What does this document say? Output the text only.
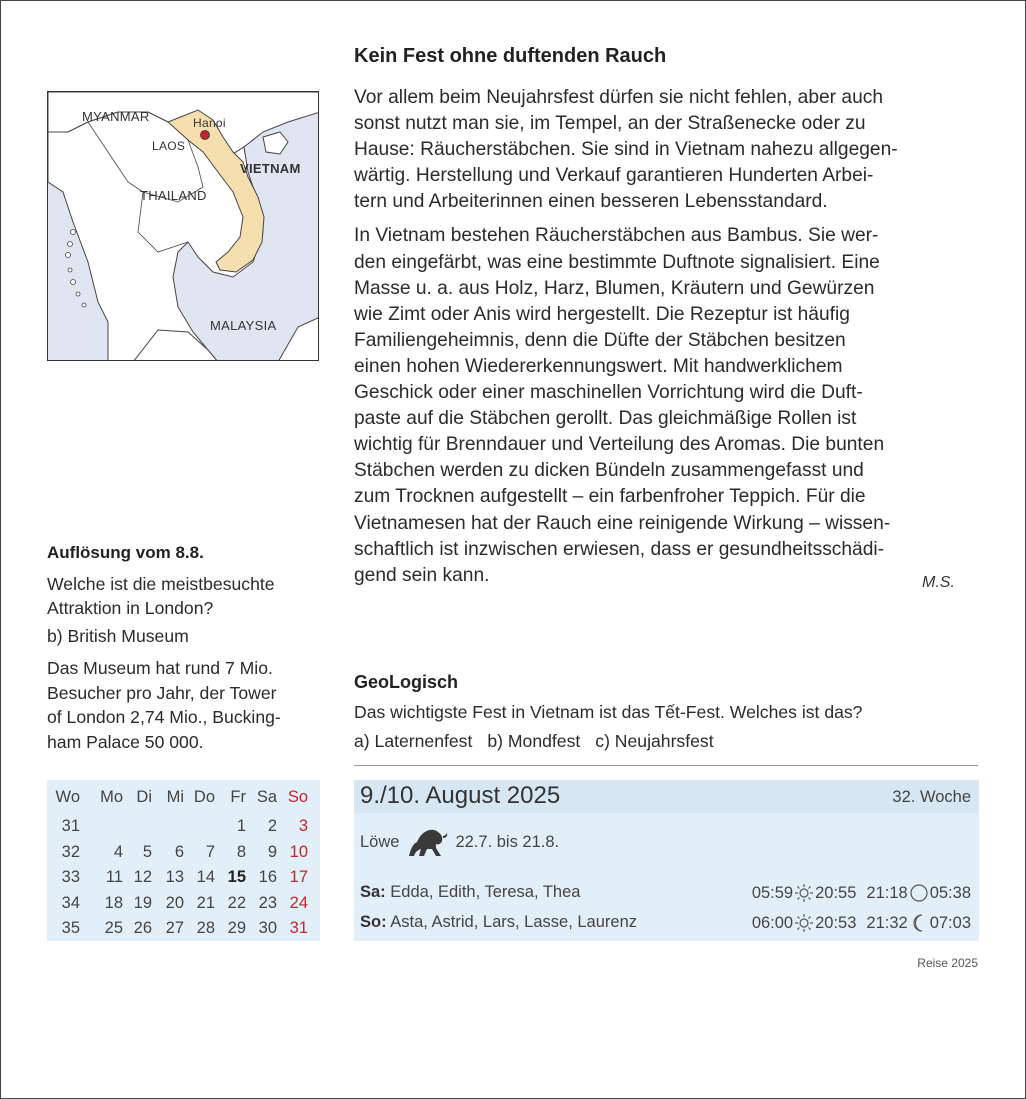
MYANMAR	Hanoi
LAOS
VIETNAM
THAILAND
MALAYSIA
Kein Fest ohne duftenden Rauch

Vor allem beim Neujahrsfest dürfen sie nicht fehlen, aber auch
sonst nutzt man sie, im Tempel, an der Straßenecke oder zu
Hause: Räucherstäbchen. Sie sind in Vietnam nahezu allgegen-
wärtig. Herstellung und Verkauf garantieren Hunderten Arbei-
tern und Arbeiterinnen einen besseren Lebensstandard.

In Vietnam bestehen Räucherstäbchen aus Bambus. Sie wer-
den eingefärbt, was eine bestimmte Duftnote signalisiert. Eine
Masse u. a. aus Holz, Harz, Blumen, Kräutern und Gewürzen
wie Zimt oder Anis wird hergestellt. Die Rezeptur ist häufig
Familiengeheimnis, denn die Düfte der Stäbchen besitzen
einen hohen Wiedererkennungswert. Mit handwerklichem
Geschick oder einer maschinellen Vorrichtung wird die Duft-
paste auf die Stäbchen gerollt. Das gleichmäßige Rollen ist
wichtig für Brenndauer und Verteilung des Aromas. Die bunten
Stäbchen werden zu dicken Bündeln zusammengefasst und
zum Trocknen aufgestellt – ein farbenfroher Teppich. Für die
Vietnamesen hat der Rauch eine reinigende Wirkung – wissen-
schaftlich ist inzwischen erwiesen, dass er gesundheitsschädi-
gend sein kann.	M.S.
Auflösung vom 8.8.
Welche ist die meistbesuchte
Attraktion in London?
b) British Museum
Das Museum hat rund 7 Mio.
Besucher pro Jahr, der Tower
of London 2,74 Mio., Bucking-
ham Palace 50 000.
GeoLogisch
Das wichtigste Fest in Vietnam ist das Tết-Fest. Welches ist das?
a) Laternenfest b) Mondfest c) Neujahrsfest
Wo	Mo	Di	Mi	Do	Fr	Sa	So
31					1	2	3
32	4	5	6	7	8	9	10
33	11	12	13	14	15	16	17
34	18	19	20	21	22	23	24
35	25	26	27	28	29	30	31
9./10. August 2025	32. Woche
Löwe	22.7. bis 21.8.
Sa: Edda, Edith, Teresa, Thea	05:59 20:55 21:18 05:38
So: Asta, Astrid, Lars, Lasse, Laurenz	06:00 20:53 21:32 07:03
Reise 2025
